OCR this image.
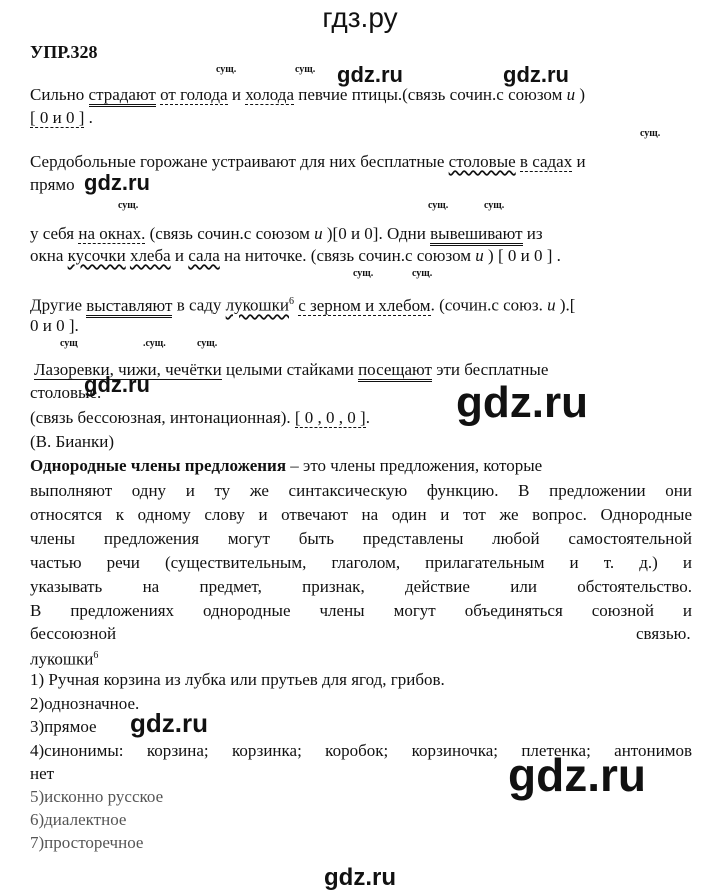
гдз.ру
УПР.328
gdz.ru	gdz.ru
gdz.ru
gdz.ru	gdz.ru
gdz.ru
gdz.ru
gdz.ru
сущ.	сущ.
сущ.
сущ.	сущ.	сущ.
сущ.	сущ.
сущ	.сущ.	сущ.
Сильно страдают от голода и холода певчие птицы.(связь сочин.с союзом и )
[ 0 и 0 ] .
Сердобольные горожане устраивают для них бесплатные столовые в садах и
прямо
у себя на окнах. (связь сочин.с союзом и )[0 и 0]. Одни вывешивают из
окна кусочки хлеба и сала на ниточке. (связь сочин.с союзом и ) [ 0 и 0 ] .
Другие выставляют в саду лукошки$^6$ с зерном и хлебом. (сочин.с союз. и ).[
0 и 0 ].
Лазоревки, чижи, чечётки целыми стайками посещают эти бесплатные
столовые.
(связь бессоюзная, интонационная). [ 0 , 0 , 0 ].
(В. Бианки)
Однородные члены предложения – это члены предложения, которые
выполняют одну и ту же синтаксическую функцию. В предложении они
относятся к одному слову и отвечают на один и тот же вопрос. Однородные
члены предложения могут быть представлены любой самостоятельной
частью речи (существительным, глаголом, прилагательным и т. д.) и
указывать на предмет, признак, действие или обстоятельство.
В предложениях однородные члены могут объединяться союзной и
бессоюзной	связью.
лукошки$^6$
1) Ручная корзина из лубка или прутьев для ягод, грибов.
2)однозначное.
3)прямое
4)синонимы: корзина; корзинка; коробок; корзиночка; плетенка; антонимов
нет
5)исконно русское
6)диалектное
7)просторечное
